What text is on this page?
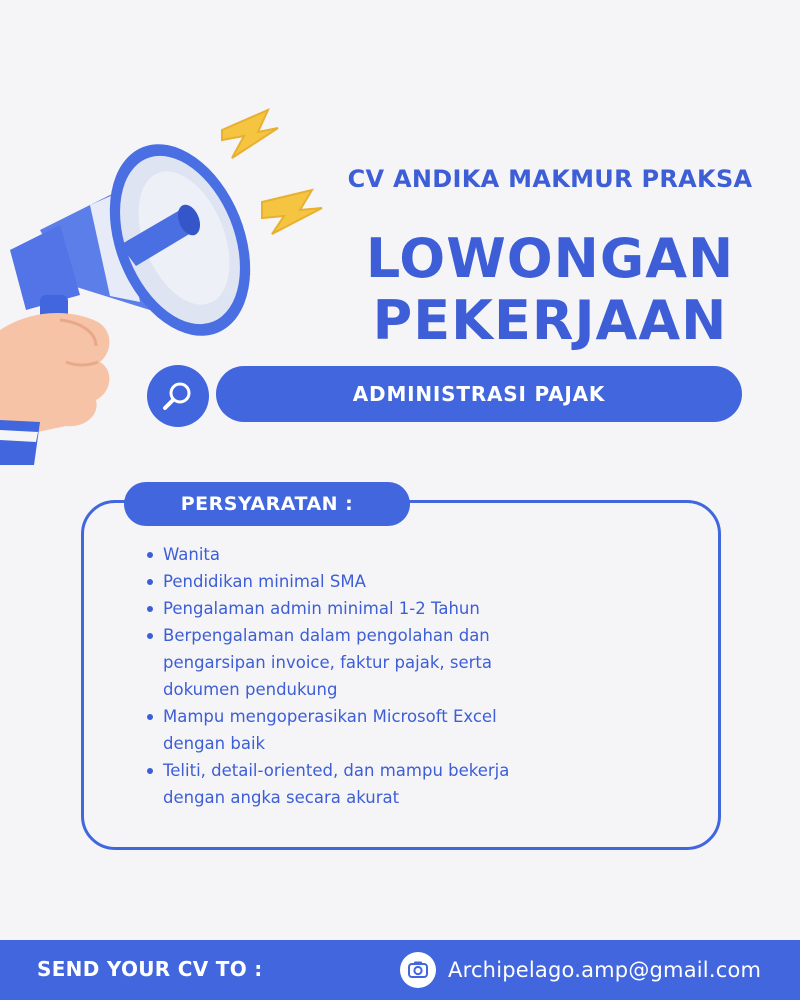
CV ANDIKA MAKMUR PRAKSA
LOWONGAN
PEKERJAAN
ADMINISTRASI PAJAK
PERSYARATAN :
Wanita
Pendidikan minimal SMA
Pengalaman admin minimal 1-2 Tahun
Berpengalaman dalam pengolahan dan
pengarsipan invoice, faktur pajak, serta
dokumen pendukung
Mampu mengoperasikan Microsoft Excel
dengan baik
Teliti, detail-oriented, dan mampu bekerja
dengan angka secara akurat
SEND YOUR CV TO :	Archipelago.amp@gmail.com
